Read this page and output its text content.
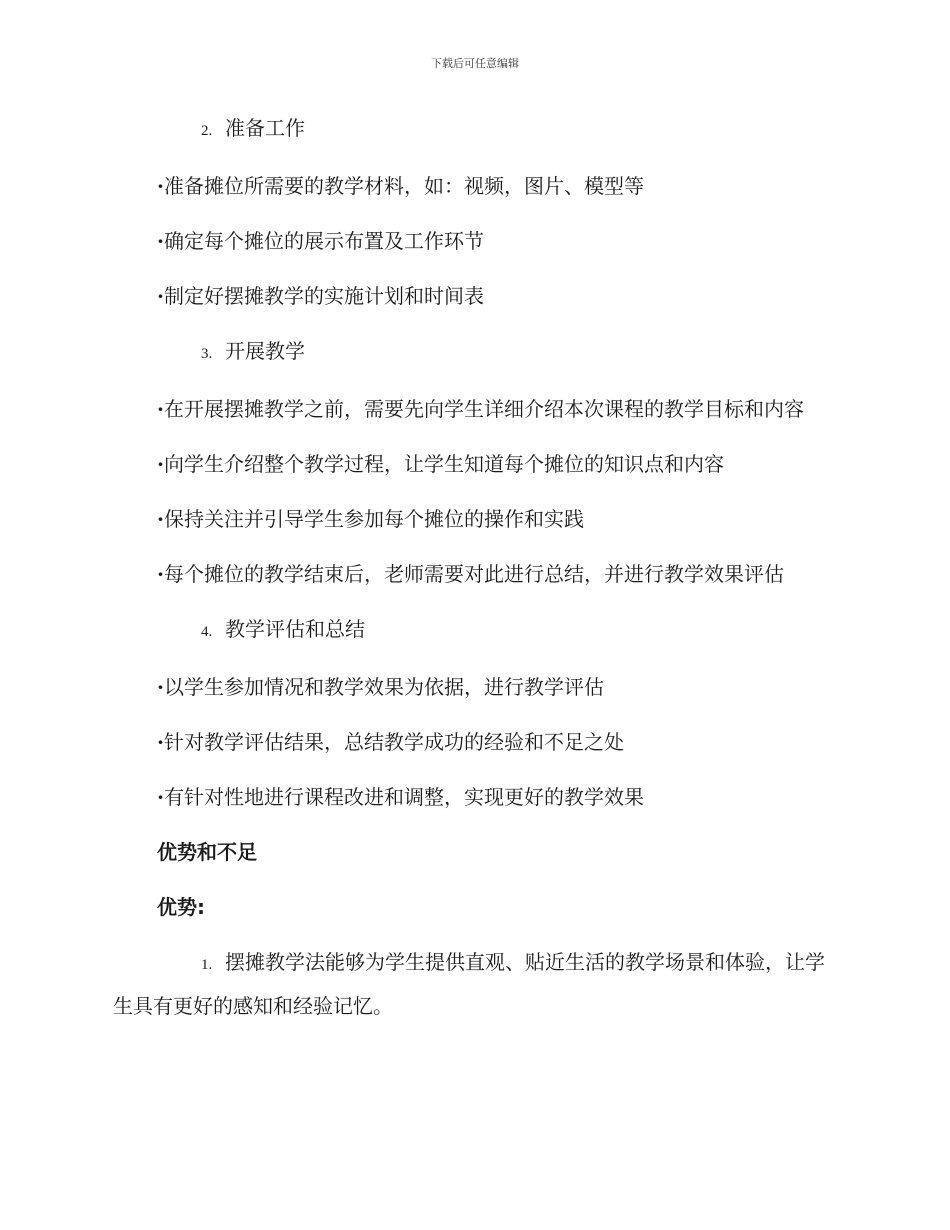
下载后可任意编辑
2. 准备工作

·准备摊位所需要的教学材料，如：视频，图片、模型等

·确定每个摊位的展示布置及工作环节

·制定好摆摊教学的实施计划和时间表

3. 开展教学

·在开展摆摊教学之前，需要先向学生详细介绍本次课程的教学目标和内容

·向学生介绍整个教学过程，让学生知道每个摊位的知识点和内容

·保持关注并引导学生参加每个摊位的操作和实践

·每个摊位的教学结束后，老师需要对此进行总结，并进行教学效果评估

4. 教学评估和总结

·以学生参加情况和教学效果为依据，进行教学评估

·针对教学评估结果，总结教学成功的经验和不足之处

·有针对性地进行课程改进和调整，实现更好的教学效果

优势和不足

优势:

1. 摆摊教学法能够为学生提供直观、贴近生活的教学场景和体验，让学生具有更好的感知和经验记忆。
